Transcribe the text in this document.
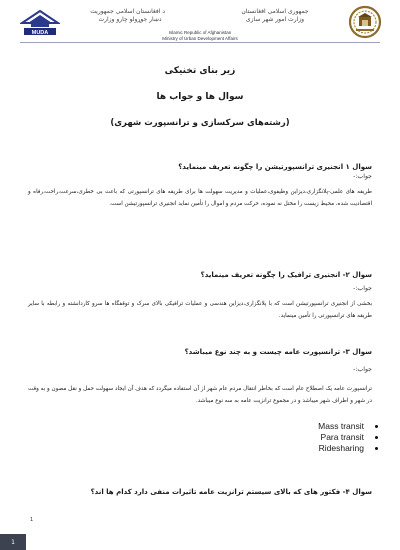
MUDA
د افغانستان اسلامی جمهوریت
دښار جوړولو چارو وزارت
جمهوری اسلامی افغانستان
وزارت امور شهر سازی
Islamic Republic of Afghanistan
Ministry of Urban Development Affairs
زیر بنای تخنیکی
سوال ها و جواب ها
(رشته‌های سرکسازی و ترانسپورت شهری)
سوال ۱ انجنیری ترانسپورتیشن را چگونه تعریف مینماید؟
جواب:-
طریقه های علمی-پلانگزاری،دیزاین وظیفوی،عملیات و مدیریت سهولت ها برای طریقه های ترانسپورتی که باعث بی خطری،سرعت،راحت،رفاه و اقتصادیت شده، محیط زیست را مختل نه نموده، حرکت مردم و اموال را تأمین نماید انجنیری ترانسپورتیشن است.
سوال ۲- انجنیری ترافیک را چگونه تعریف مینماید؟
جواب:-
بخشی از انجنیری ترانسپورتیشن است که با پلانگزاری،دیزاین هندسی و عملیات ترافیکی بالای سرک و توقفگاه ها سرو کاردانشته و رابطه با سایر طریقه های ترانسپورتی را تأمین مینماید.
سوال ۳- ترانسپورت عامه چیست و به چند نوع میباشد؟
جواب:-
ترانسپورت عامه یک اصطلاح عام است که بخاطر انتقال مردم عام شهر از آن استفاده میگردد که هدف آن ایجاد سهولت حمل و نقل مصون و به وقت در شهر و اطراف شهر میباشد و در مجموع ترانزیت عامه به سه نوع میباشد.
Mass transit
Para transit
Ridesharing
سوال ۴- فکتور های که بالای سیستم ترانزیت عامه تاثیرات منفی دارد کدام ها اند؟
1
1
